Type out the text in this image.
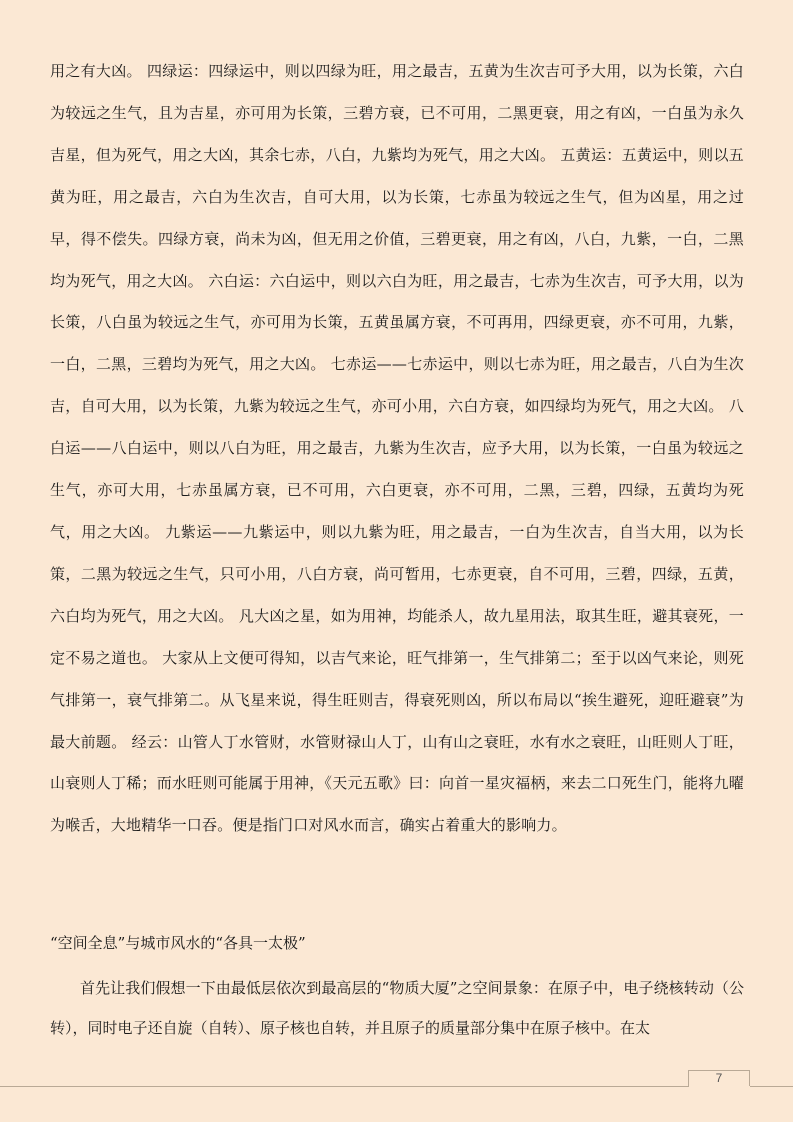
用之有大凶。 四绿运：四绿运中，则以四绿为旺，用之最吉，五黄为生次吉可予大用，以为长策，六白为较远之生气，且为吉星，亦可用为长策，三碧方衰，已不可用，二黑更衰，用之有凶，一白虽为永久吉星，但为死气，用之大凶，其余七赤，八白，九紫均为死气，用之大凶。 五黄运：五黄运中，则以五黄为旺，用之最吉，六白为生次吉，自可大用，以为长策，七赤虽为较远之生气，但为凶星，用之过早，得不偿失。四绿方衰，尚未为凶，但无用之价值，三碧更衰，用之有凶，八白，九紫，一白，二黑均为死气，用之大凶。 六白运：六白运中，则以六白为旺，用之最吉，七赤为生次吉，可予大用，以为长策，八白虽为较远之生气，亦可用为长策，五黄虽属方衰，不可再用，四绿更衰，亦不可用，九紫，一白，二黑，三碧均为死气，用之大凶。 七赤运——七赤运中，则以七赤为旺，用之最吉，八白为生次吉，自可大用，以为长策，九紫为较远之生气，亦可小用，六白方衰，如四绿均为死气，用之大凶。 八白运——八白运中，则以八白为旺，用之最吉，九紫为生次吉，应予大用，以为长策，一白虽为较远之生气，亦可大用，七赤虽属方衰，已不可用，六白更衰，亦不可用，二黑，三碧，四绿，五黄均为死气，用之大凶。 九紫运——九紫运中，则以九紫为旺，用之最吉，一白为生次吉，自当大用，以为长策，二黑为较远之生气，只可小用，八白方衰，尚可暂用，七赤更衰，自不可用，三碧，四绿，五黄，六白均为死气，用之大凶。 凡大凶之星，如为用神，均能杀人，故九星用法，取其生旺，避其衰死，一定不易之道也。 大家从上文便可得知，以吉气来论，旺气排第一，生气排第二；至于以凶气来论，则死气排第一，衰气排第二。从飞星来说，得生旺则吉，得衰死则凶，所以布局以“挨生避死，迎旺避衰”为最大前题。 经云：山管人丁水管财，水管财禄山人丁，山有山之衰旺，水有水之衰旺，山旺则人丁旺，山衰则人丁稀；而水旺则可能属于用神，《天元五歌》曰：向首一星灾福柄，来去二口死生门，能将九曜为喉舌，大地精华一口吞。便是指门口对风水而言，确实占着重大的影响力。

“空间全息”与城市风水的“各具一太极”

首先让我们假想一下由最低层依次到最高层的“物质大厦”之空间景象：在原子中，电子绕核转动（公转），同时电子还自旋（自转）、原子核也自转，并且原子的质量部分集中在原子核中。在太

7
